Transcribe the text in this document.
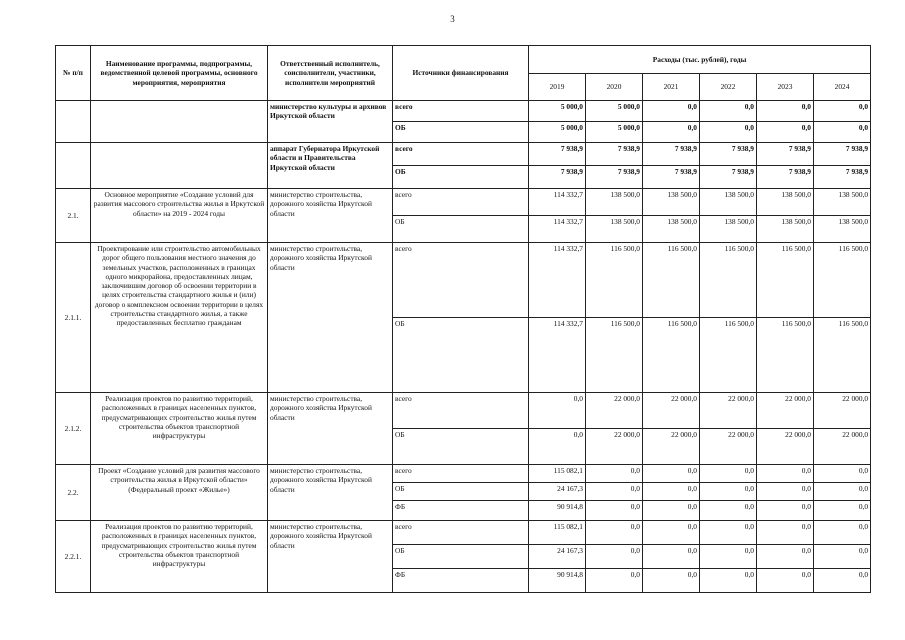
3
№ п/п	Наименование программы, подпрограммы, ведомственной целевой программы, основного мероприятия, мероприятия	Ответственный исполнитель, соисполнители, участники, исполнители мероприятий	Источники финансирования	Расходы (тыс. рублей), годы					
				2019	2020	2021	2022	2023	2024
		министерство культуры и архивов Иркутской области	всего	5 000,0	5 000,0	0,0	0,0	0,0	0,0
			ОБ	5 000,0	5 000,0	0,0	0,0	0,0	0,0
		аппарат Губернатора Иркутской области и Правительства Иркутской области	всего	7 938,9	7 938,9	7 938,9	7 938,9	7 938,9	7 938,9
			ОБ	7 938,9	7 938,9	7 938,9	7 938,9	7 938,9	7 938,9
2.1.	Основное мероприятие «Создание условий для развития массового строительства жилья в Иркутской области» на 2019 - 2024 годы	министерство строительства, дорожного хозяйства Иркутской области	всего	114 332,7	138 500,0	138 500,0	138 500,0	138 500,0	138 500,0
			ОБ	114 332,7	138 500,0	138 500,0	138 500,0	138 500,0	138 500,0
2.1.1.	Проектирование или строительство автомобильных дорог общего пользования местного значения до земельных участков, расположенных в границах одного микрорайона, предоставленных лицам, заключившим договор об освоении территории в целях строительства стандартного жилья и (или) договор о комплексном освоении территории в целях строительства стандартного жилья, а также предоставленных бесплатно гражданам	министерство строительства, дорожного хозяйства Иркутской области	всего	114 332,7	116 500,0	116 500,0	116 500,0	116 500,0	116 500,0
			ОБ	114 332,7	116 500,0	116 500,0	116 500,0	116 500,0	116 500,0
2.1.2.	Реализация проектов по развитию территорий, расположенных в границах населенных пунктов, предусматривающих строительство жилья путем строительства объектов транспортной инфраструктуры	министерство строительства, дорожного хозяйства Иркутской области	всего	0,0	22 000,0	22 000,0	22 000,0	22 000,0	22 000,0
			ОБ	0,0	22 000,0	22 000,0	22 000,0	22 000,0	22 000,0
2.2.	Проект «Создание условий для развития массового строительства жилья в Иркутской области» (Федеральный проект «Жилье»)	министерство строительства, дорожного хозяйства Иркутской области	всего	115 082,1	0,0	0,0	0,0	0,0	0,0
			ОБ	24 167,3	0,0	0,0	0,0	0,0	0,0
			ФБ	90 914,8	0,0	0,0	0,0	0,0	0,0
2.2.1.	Реализация проектов по развитию территорий, расположенных в границах населенных пунктов, предусматривающих строительство жилья путем строительства объектов транспортной инфраструктуры	министерство строительства, дорожного хозяйства Иркутской области	всего	115 082,1	0,0	0,0	0,0	0,0	0,0
			ОБ	24 167,3	0,0	0,0	0,0	0,0	0,0
			ФБ	90 914,8	0,0	0,0	0,0	0,0	0,0
